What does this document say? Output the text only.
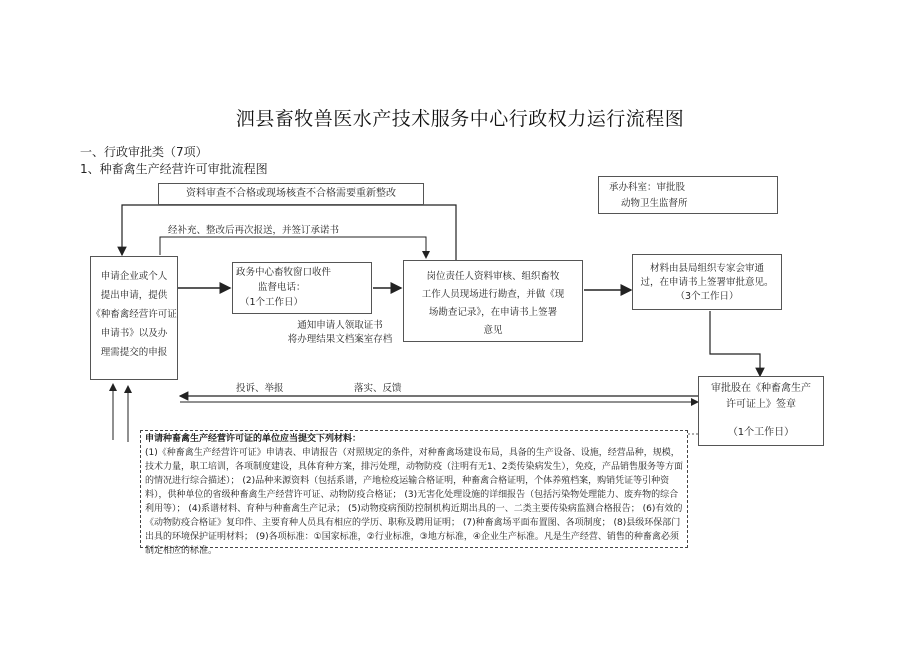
泗县畜牧兽医水产技术服务中心行政权力运行流程图
一、行政审批类（7项）
1、种畜禽生产经营许可审批流程图
承办科室：审批股
动物卫生监督所
资料审查不合格或现场核查不合格需要重新整改
经补充、整改后再次报送，并签订承诺书
申请企业或个人
提出申请，提供
《种畜禽经营许可证
申请书》以及办
理需提交的申报
政务中心畜牧窗口收件
监督电话：
（1个工作日）
岗位责任人资料审核、组织畜牧
工作人员现场进行勘查，并做《现
场勘查记录》，在申请书上签署
意见
材料由县局组织专家会审通
过，在申请书上签署审批意见。
（3个工作日）
通知申请人领取证书
将办理结果文档案室存档
投诉、举报	落实、反馈	审批股在《种畜禽生产
许可证上》签章
（1个工作日）
申请种畜禽生产经营许可证的单位应当提交下列材料：
(1)《种畜禽生产经营许可证》申请表、申请报告（对照规定的条件，对种畜禽场建设布局，具备的生产设备、设施，经营品种，规模，技术力量，职工培训，各项制度建设，具体育种方案，排污处理，动物防疫（注明有无1、2类传染病发生），免疫，产品销售服务等方面的情况进行综合描述）； (2)品种来源资料（包括系谱，产地检疫运输合格证明，种畜禽合格证明，个体养殖档案，购销凭证等引种资料），供种单位的省级种畜禽生产经营许可证、动物防疫合格证； (3)无害化处理设施的详细报告（包括污染物处理能力、废弃物的综合利用等）； (4)系谱材料、育种与种畜禽生产记录； (5)动物疫病预防控制机构近期出具的一、二类主要传染病监测合格报告； (6)有效的《动物防疫合格证》复印件、主要育种人员具有相应的学历、职称及聘用证明； (7)种畜禽场平面布置图、各项制度； (8)县级环保部门出具的环境保护证明材料； (9)各项标准：①国家标准，②行业标准，③地方标准，④企业生产标准。凡是生产经营、销售的种畜禽必须制定相应的标准。
